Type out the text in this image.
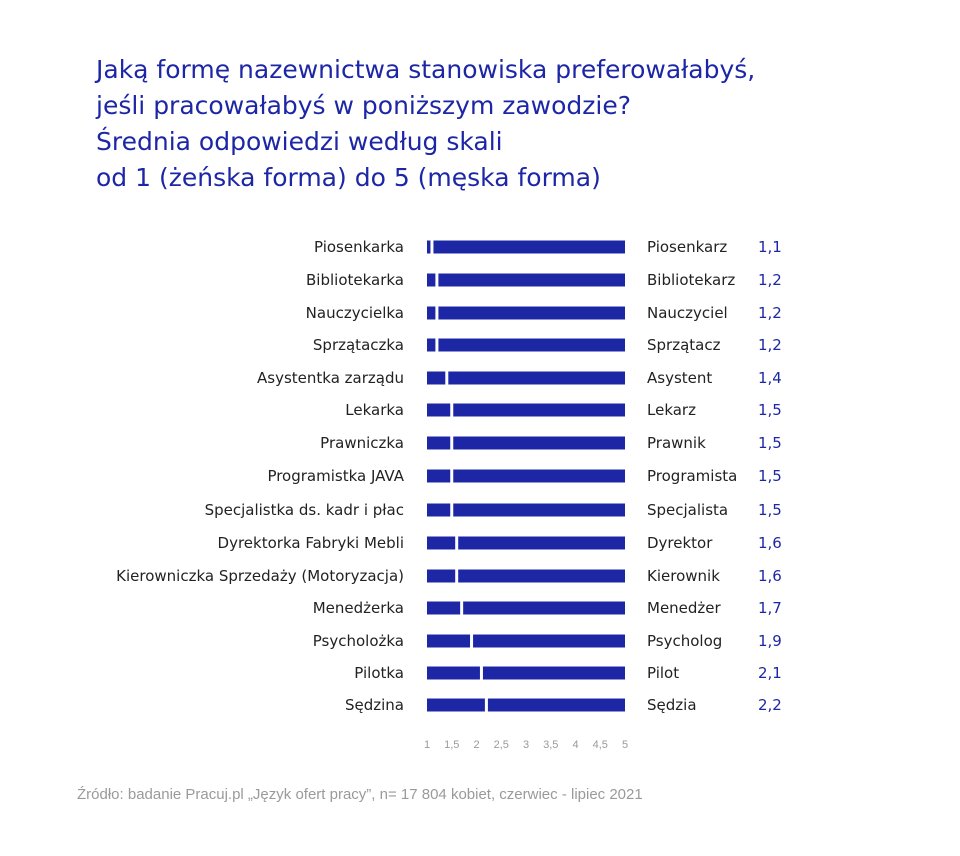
Jaką formę nazewnictwa stanowiska preferowałabyś,
jeśli pracowałabyś w poniższym zawodzie?
Średnia odpowiedzi według skali
od 1 (żeńska forma) do 5 (męska forma)
Piosenkarka	Piosenkarz 1,1
Bibliotekarka	Bibliotekarz 1,2
Nauczycielka	Nauczyciel 1,2
Sprzątaczka	Sprzątacz	1,2
Asystentka zarządu	Asystent	1,4
Lekarka	Lekarz	1,5
Prawniczka	Prawnik	1,5
Programistka JAVA	Programista 1,5
Specjalistka ds. kadr i płac	Specjalista 1,5
Dyrektorka Fabryki Mebli	Dyrektor	1,6
Kierowniczka Sprzedaży (Motoryzacja)	Kierownik	1,6
Menedżerka	Menedżer 1,7
Psycholożka	Psycholog 1,9
Pilotka	Pilot	2,1
Sędzina	Sędzia	2,2
1 1,5 2 2,5 3 3,5 4 4,5 5
Źródło: badanie Pracuj.pl „Język ofert pracy”, n= 17 804 kobiet, czerwiec - lipiec 2021
